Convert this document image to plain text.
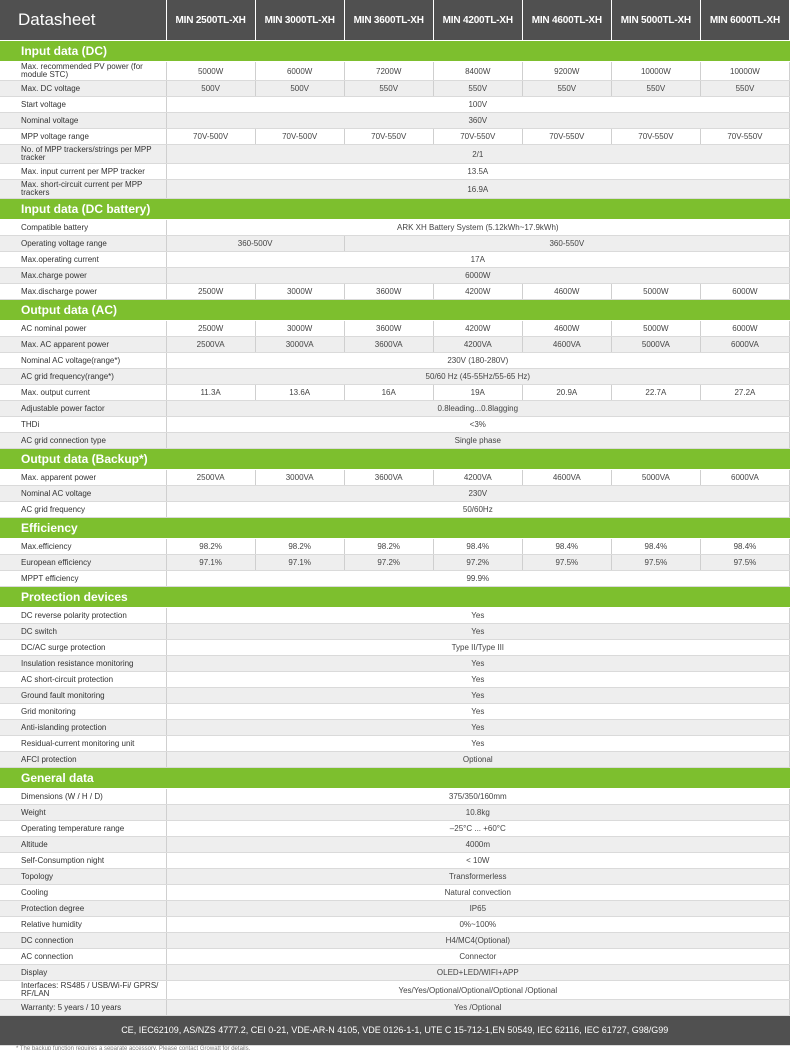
Datasheet	MIN 2500TL-XH	MIN 3000TL-XH	MIN 3600TL-XH	MIN 4200TL-XH	MIN 4600TL-XH	MIN 5000TL-XH	MIN 6000TL-XH
Input data (DC)							
Max. recommended PV power (for module STC)	5000W	6000W	7200W	8400W	9200W	10000W	10000W
Max. DC voltage	500V	500V	550V	550V	550V	550V	550V
Start voltage	100V						
Nominal voltage	360V						
MPP voltage range	70V-500V	70V-500V	70V-550V	70V-550V	70V-550V	70V-550V	70V-550V
No. of MPP trackers/strings per MPP tracker	2/1						
Max. input current per MPP tracker	13.5A						
Max. short-circuit current per MPP trackers	16.9A						
Input data (DC battery)							
Compatible battery	ARK XH Battery System (5.12kWh~17.9kWh)						
Operating voltage range	360-500V		360-550V				
Max.operating current	17A						
Max.charge power	6000W						
Max.discharge power	2500W	3000W	3600W	4200W	4600W	5000W	6000W
Output data (AC)							
AC nominal power	2500W	3000W	3600W	4200W	4600W	5000W	6000W
Max. AC apparent power	2500VA	3000VA	3600VA	4200VA	4600VA	5000VA	6000VA
Nominal AC voltage(range*)	230V (180-280V)						
AC grid frequency(range*)	50/60 Hz (45-55Hz/55-65 Hz)						
Max. output current	11.3A	13.6A	16A	19A	20.9A	22.7A	27.2A
Adjustable power factor	0.8leading...0.8lagging						
THDi	<3%						
AC grid connection type	Single phase						
Output data (Backup*)							
Max. apparent power	2500VA	3000VA	3600VA	4200VA	4600VA	5000VA	6000VA
Nominal AC voltage	230V						
AC grid frequency	50/60Hz						
Efficiency							
Max.efficiency	98.2%	98.2%	98.2%	98.4%	98.4%	98.4%	98.4%
European efficiency	97.1%	97.1%	97.2%	97.2%	97.5%	97.5%	97.5%
MPPT efficiency	99.9%						
Protection devices							
DC reverse polarity protection	Yes						
DC switch	Yes						
DC/AC surge protection	Type II/Type III						
Insulation resistance monitoring	Yes						
AC short-circuit protection	Yes						
Ground fault monitoring	Yes						
Grid monitoring	Yes						
Anti-islanding protection	Yes						
Residual-current monitoring unit	Yes						
AFCI protection	Optional						
General data							
Dimensions (W / H / D)	375/350/160mm						
Weight	10.8kg						
Operating temperature range	–25°C ... +60°C						
Altitude	4000m						
Self-Consumption night	< 10W						
Topology	Transformerless						
Cooling	Natural convection						
Protection degree	IP65						
Relative humidity	0%~100%						
DC connection	H4/MC4(Optional)						
AC connection	Connector						
Display	OLED+LED/WIFI+APP						
Interfaces: RS485 / USB/Wi-Fi/ GPRS/ RF/LAN	Yes/Yes/Optional/Optional/Optional /Optional						
Warranty: 5 years / 10 years	Yes /Optional						
CE, IEC62109, AS/NZS 4777.2, CEI 0-21, VDE-AR-N 4105, VDE 0126-1-1, UTE C 15-712-1,EN 50549, IEC 62116, IEC 61727, G98/G99							
* The backup function requires a separate accessory. Please contact Growatt for details.
